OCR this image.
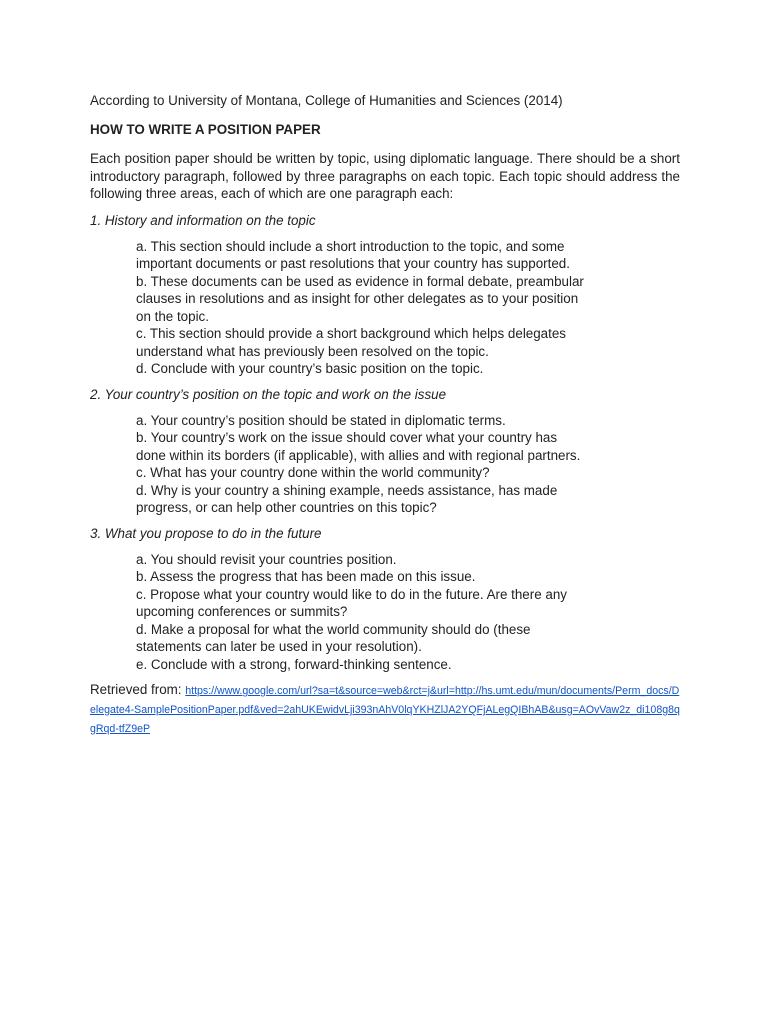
According to University of Montana, College of Humanities and Sciences (2014)

HOW TO WRITE A POSITION PAPER

Each position paper should be written by topic, using diplomatic language. There should be a short introductory paragraph, followed by three paragraphs on each topic. Each topic should address the following three areas, each of which are one paragraph each:

1. History and information on the topic

a. This section should include a short introduction to the topic, and some important documents or past resolutions that your country has supported.

b. These documents can be used as evidence in formal debate, preambular clauses in resolutions and as insight for other delegates as to your position on the topic.

c. This section should provide a short background which helps delegates understand what has previously been resolved on the topic.

d. Conclude with your country’s basic position on the topic.

2. Your country’s position on the topic and work on the issue

a. Your country’s position should be stated in diplomatic terms.

b. Your country’s work on the issue should cover what your country has done within its borders (if applicable), with allies and with regional partners.

c. What has your country done within the world community?

d. Why is your country a shining example, needs assistance, has made progress, or can help other countries on this topic?

3. What you propose to do in the future

a. You should revisit your countries position.

b. Assess the progress that has been made on this issue.

c. Propose what your country would like to do in the future. Are there any upcoming conferences or summits?

d. Make a proposal for what the world community should do (these statements can later be used in your resolution).

e. Conclude with a strong, forward-thinking sentence.

Retrieved from: https://www.google.com/url?sa=t&source=web&rct=j&url=http://hs.umt.edu/mun/documents/Perm_docs/Delegate4-SamplePositionPaper.pdf&ved=2ahUKEwidvLji393nAhV0lqYKHZlJA2YQFjALegQIBhAB&usg=AOvVaw2z_di108g8qgRqd-tfZ9eP
